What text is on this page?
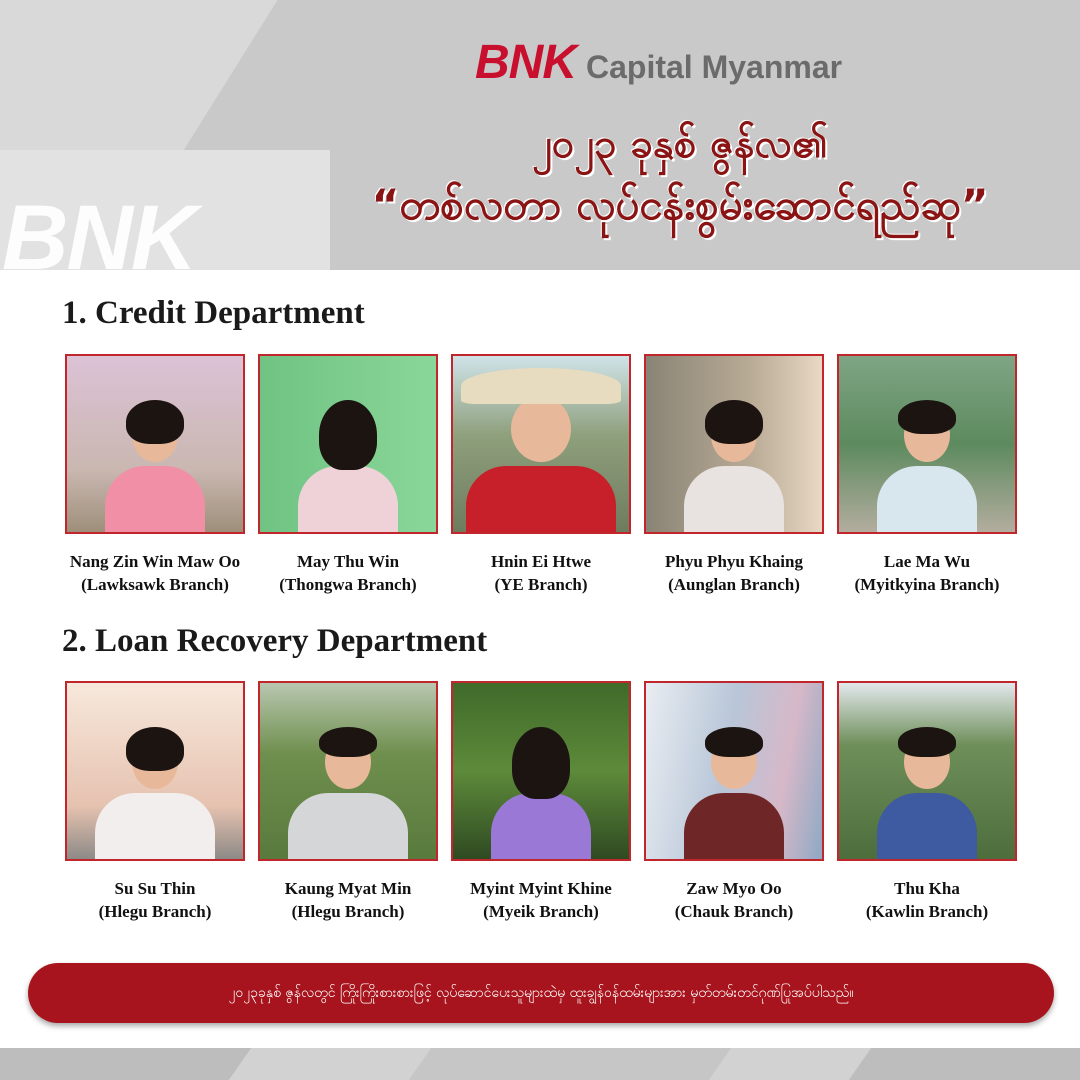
BNK
BNK Capital Myanmar
၂၀၂၃ ခုနှစ် ဇွန်လ၏
“တစ်လတာ လုပ်ငန်းစွမ်းဆောင်ရည်ဆု”
1. Credit Department
Nang Zin Win Maw Oo
(Lawksawk Branch)
May Thu Win
(Thongwa Branch)
Hnin Ei Htwe
(YE Branch)
Phyu Phyu Khaing
(Aunglan Branch)
Lae Ma Wu
(Myitkyina Branch)
2. Loan Recovery Department
Su Su Thin
(Hlegu Branch)
Kaung Myat Min
(Hlegu Branch)
Myint Myint Khine
(Myeik Branch)
Zaw Myo Oo
(Chauk Branch)
Thu Kha
(Kawlin Branch)
၂၀၂၃ခုနှစ် ဇွန်လတွင် ကြိုးကြိုးစားစားဖြင့် လုပ်ဆောင်ပေးသူများထဲမှ ထူးချွန်ဝန်ထမ်းများအား မှတ်တမ်းတင်ဂုဏ်ပြုအပ်ပါသည်။
